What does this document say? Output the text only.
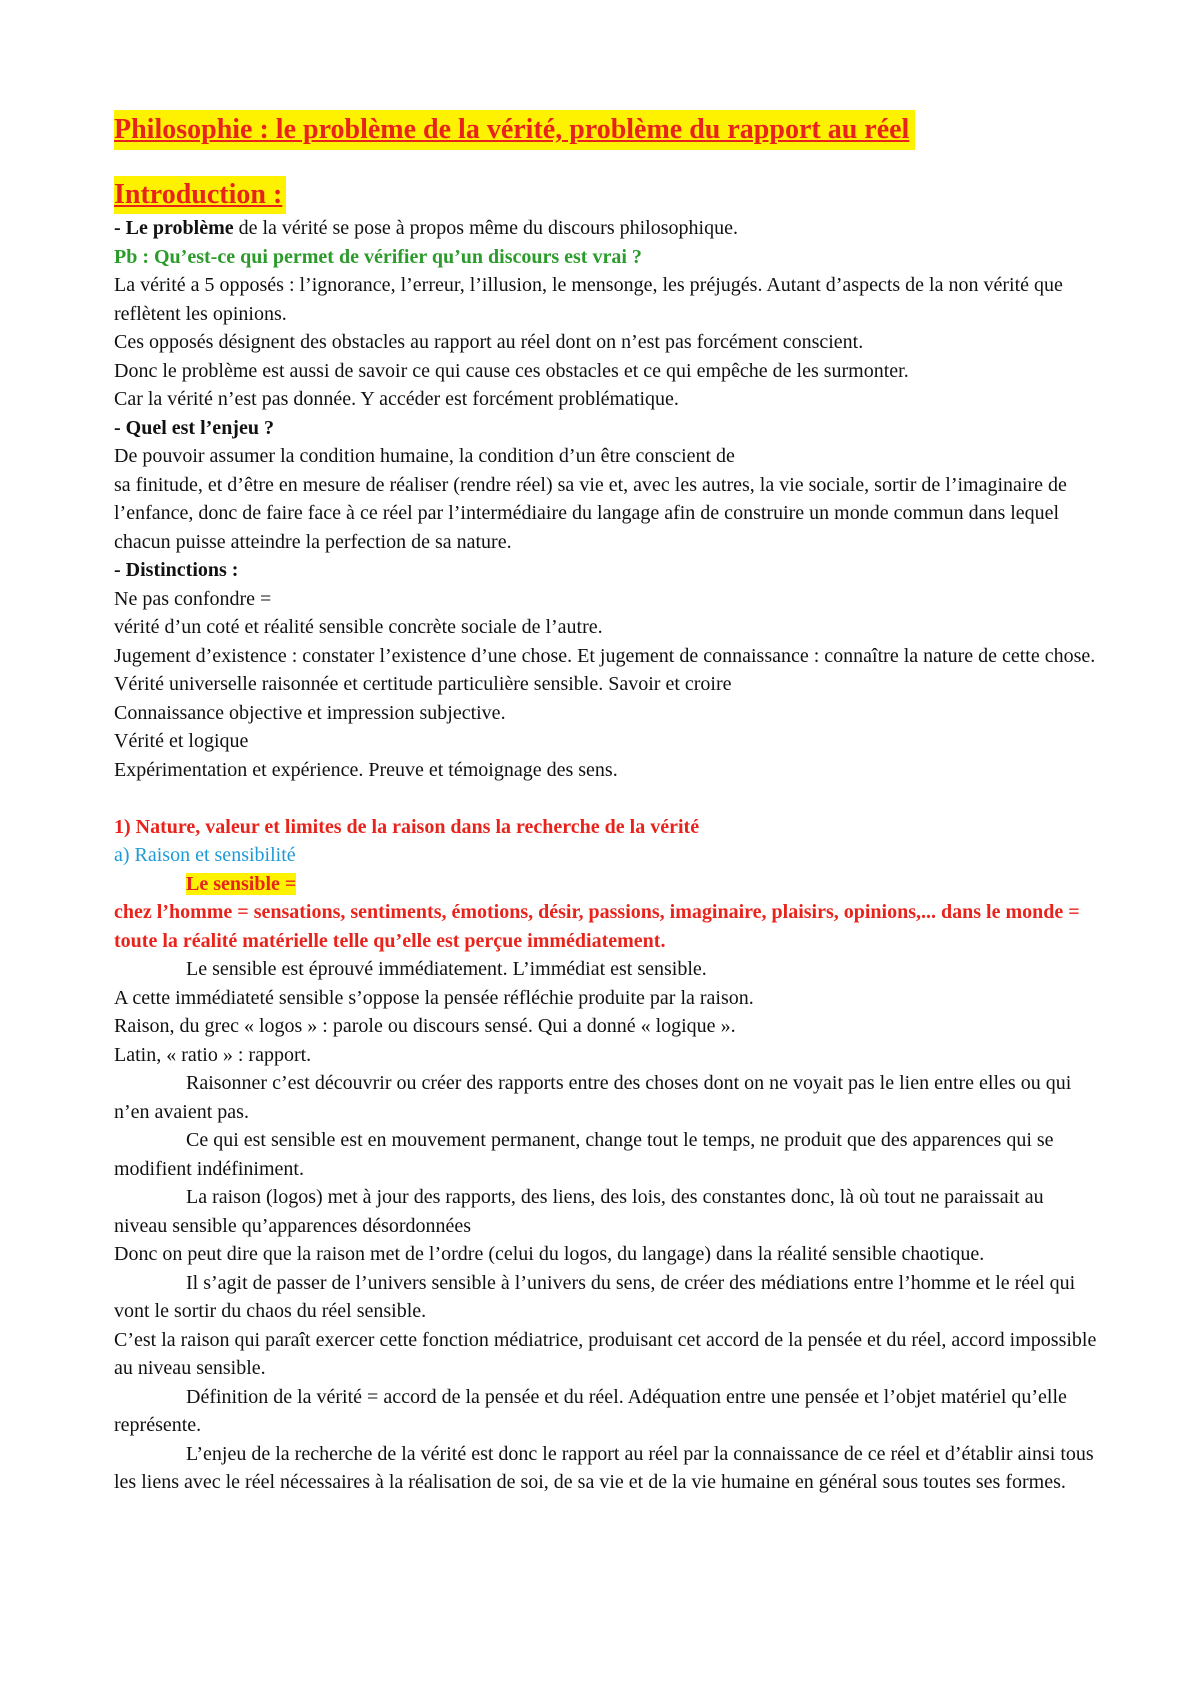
Philosophie : le problème de la vérité, problème du rapport au réel
Introduction :

- Le problème de la vérité se pose à propos même du discours philosophique.

Pb : Qu’est-ce qui permet de vérifier qu’un discours est vrai ?

La vérité a 5 opposés : l’ignorance, l’erreur, l’illusion, le mensonge, les préjugés. Autant d’aspects de la non vérité que reflètent les opinions.

Ces opposés désignent des obstacles au rapport au réel dont on n’est pas forcément conscient.

Donc le problème est aussi de savoir ce qui cause ces obstacles et ce qui empêche de les surmonter.

Car la vérité n’est pas donnée. Y accéder est forcément problématique.

- Quel est l’enjeu ?

De pouvoir assumer la condition humaine, la condition d’un être conscient de

sa finitude, et d’être en mesure de réaliser (rendre réel) sa vie et, avec les autres, la vie sociale, sortir de l’imaginaire de l’enfance, donc de faire face à ce réel par l’intermédiaire du langage afin de construire un monde commun dans lequel chacun puisse atteindre la perfection de sa nature.

- Distinctions :

Ne pas confondre =

vérité d’un coté et réalité sensible concrète sociale de l’autre.

Jugement d’existence : constater l’existence d’une chose. Et jugement de connaissance : connaître la nature de cette chose.

Vérité universelle raisonnée et certitude particulière sensible. Savoir et croire

Connaissance objective et impression subjective.

Vérité et logique

Expérimentation et expérience. Preuve et témoignage des sens.

1) Nature, valeur et limites de la raison dans la recherche de la vérité

a) Raison et sensibilité

Le sensible =

chez l’homme = sensations, sentiments, émotions, désir, passions, imaginaire, plaisirs, opinions,... dans le monde = toute la réalité matérielle telle qu’elle est perçue immédiatement.

Le sensible est éprouvé immédiatement. L’immédiat est sensible.

A cette immédiateté sensible s’oppose la pensée réfléchie produite par la raison.

Raison, du grec « logos » : parole ou discours sensé. Qui a donné « logique ».

Latin, « ratio » : rapport.

Raisonner c’est découvrir ou créer des rapports entre des choses dont on ne voyait pas le lien entre elles ou qui n’en avaient pas.

Ce qui est sensible est en mouvement permanent, change tout le temps, ne produit que des apparences qui se modifient indéfiniment.

La raison (logos) met à jour des rapports, des liens, des lois, des constantes donc, là où tout ne paraissait au niveau sensible qu’apparences désordonnées

Donc on peut dire que la raison met de l’ordre (celui du logos, du langage) dans la réalité sensible chaotique.

Il s’agit de passer de l’univers sensible à l’univers du sens, de créer des médiations entre l’homme et le réel qui vont le sortir du chaos du réel sensible.

C’est la raison qui paraît exercer cette fonction médiatrice, produisant cet accord de la pensée et du réel, accord impossible au niveau sensible.

Définition de la vérité = accord de la pensée et du réel. Adéquation entre une pensée et l’objet matériel qu’elle représente.

L’enjeu de la recherche de la vérité est donc le rapport au réel par la connaissance de ce réel et d’établir ainsi tous les liens avec le réel nécessaires à la réalisation de soi, de sa vie et de la vie humaine en général sous toutes ses formes.
